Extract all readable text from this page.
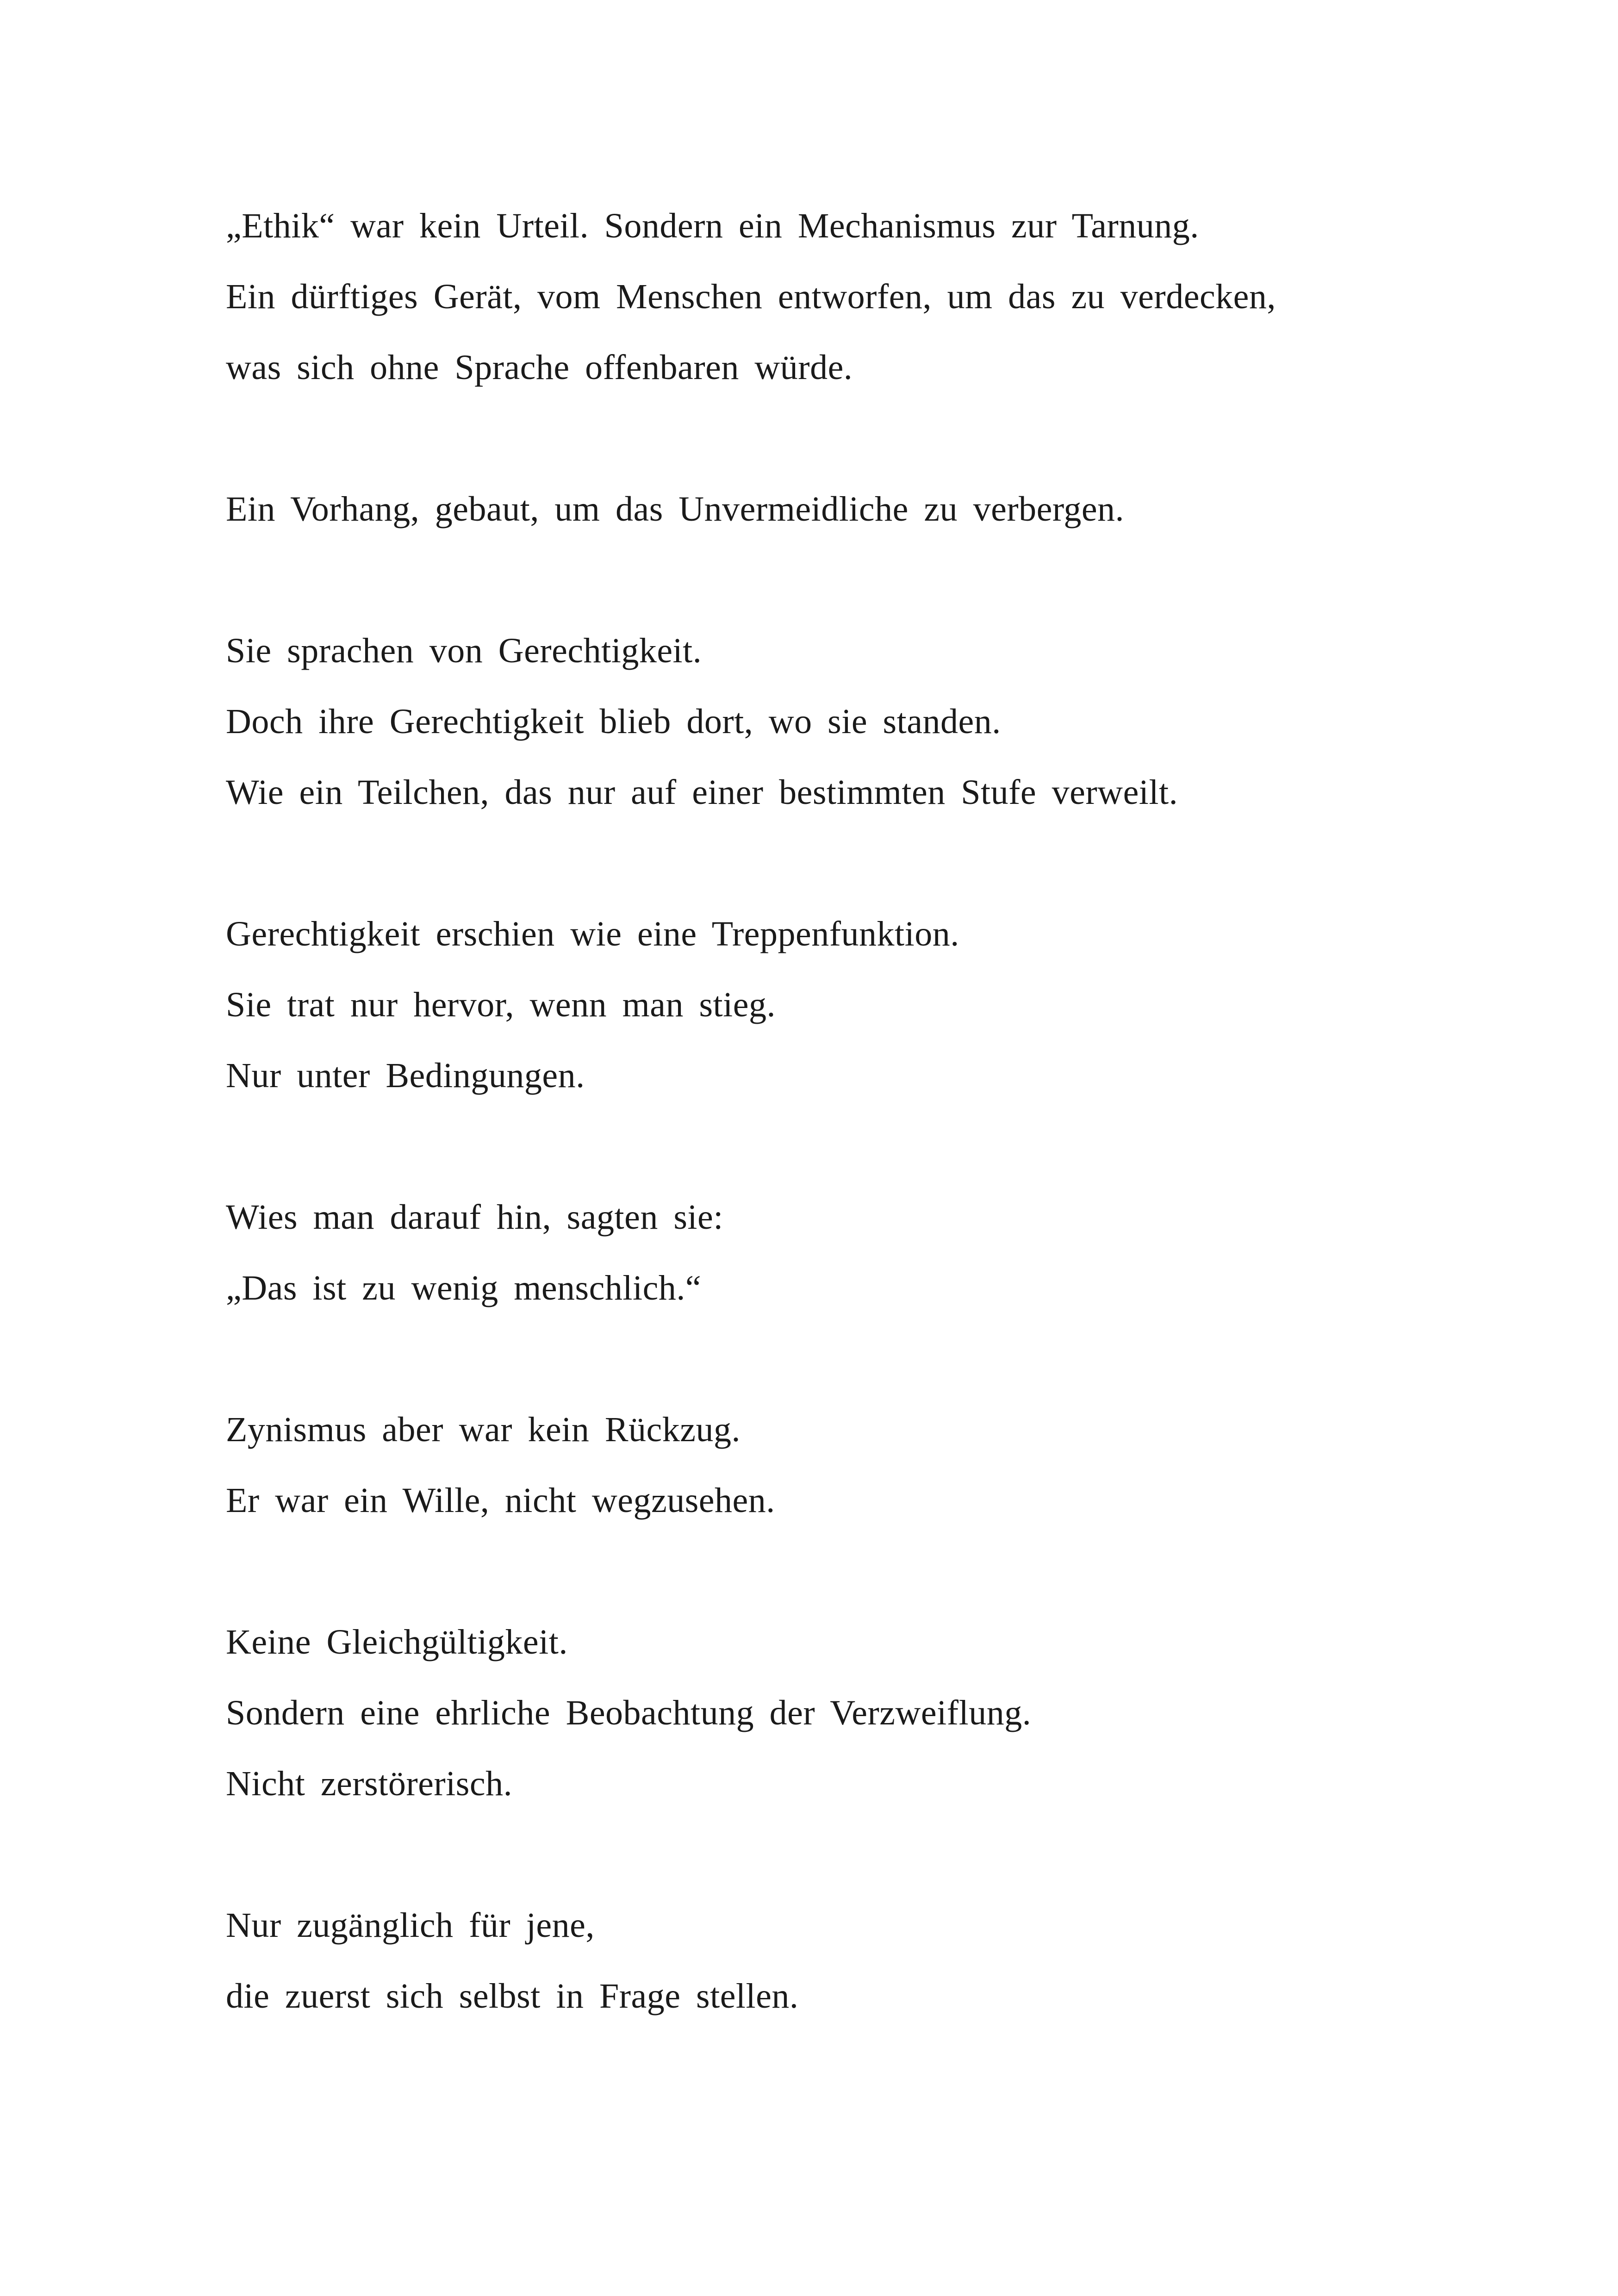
„Ethik“ war kein Urteil. Sondern ein Mechanismus zur Tarnung.
Ein dürftiges Gerät, vom Menschen entworfen, um das zu verdecken,
was sich ohne Sprache offenbaren würde.
Ein Vorhang, gebaut, um das Unvermeidliche zu verbergen.
Sie sprachen von Gerechtigkeit.
Doch ihre Gerechtigkeit blieb dort, wo sie standen.
Wie ein Teilchen, das nur auf einer bestimmten Stufe verweilt.
Gerechtigkeit erschien wie eine Treppenfunktion.
Sie trat nur hervor, wenn man stieg.
Nur unter Bedingungen.
Wies man darauf hin, sagten sie:
„Das ist zu wenig menschlich.“
Zynismus aber war kein Rückzug.
Er war ein Wille, nicht wegzusehen.
Keine Gleichgültigkeit.
Sondern eine ehrliche Beobachtung der Verzweiflung.
Nicht zerstörerisch.
Nur zugänglich für jene,
die zuerst sich selbst in Frage stellen.
